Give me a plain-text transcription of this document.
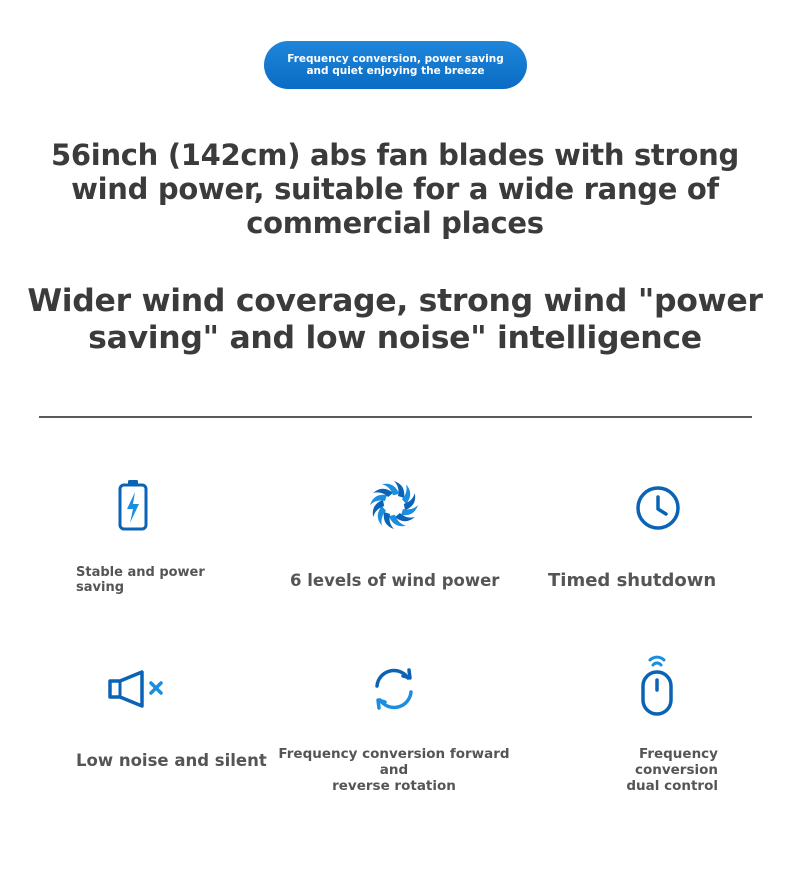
Frequency conversion, power saving
and quiet enjoying the breeze
56inch (142cm) abs fan blades with strong
wind power, suitable for a wide range of
commercial places
Wider wind coverage, strong wind "power
saving" and low noise" intelligence
Stable and power
saving	6 levels of wind power	Timed shutdown
Low noise and silent Frequency conversion forward and
reverse rotation
Frequency conversion
dual control
